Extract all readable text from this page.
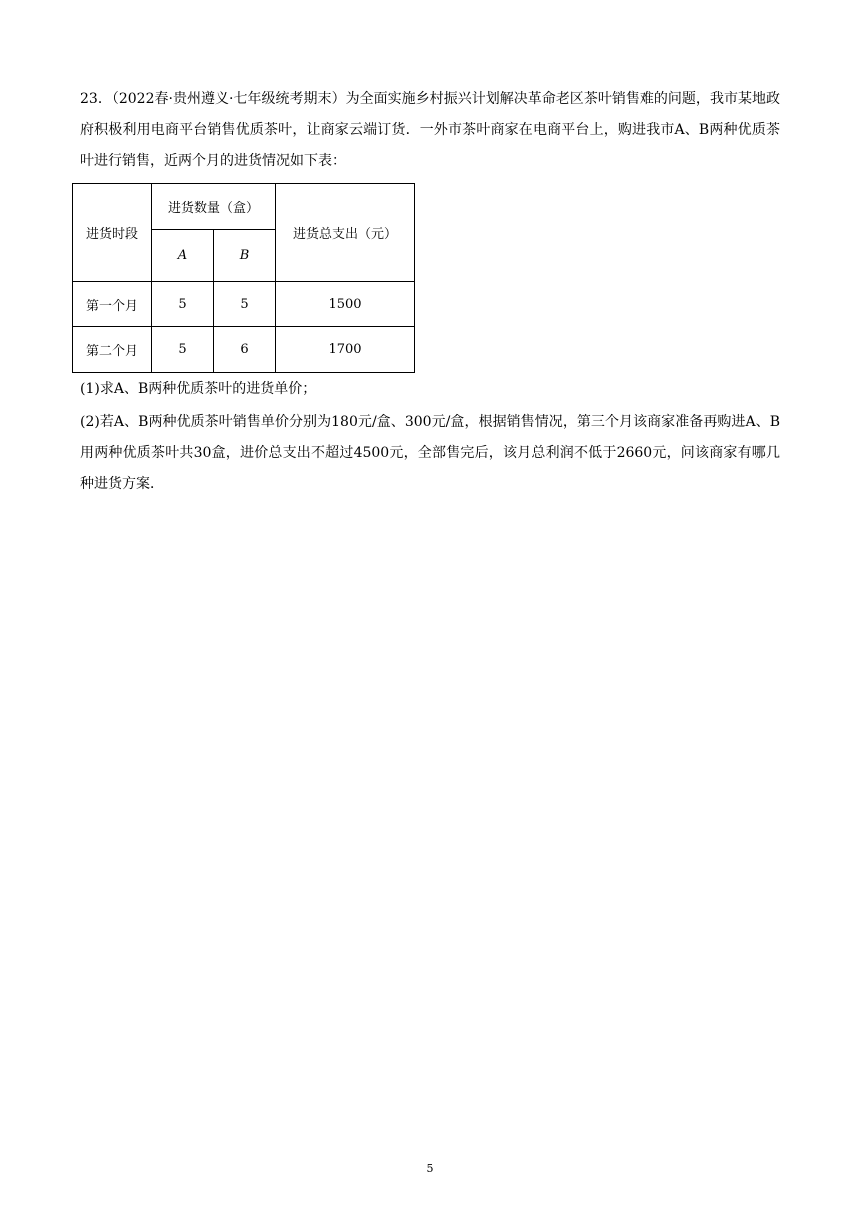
23．（2022春·贵州遵义·七年级统考期末）为全面实施乡村振兴计划解决革命老区茶叶销售难的问题，我市某地政府积极利用电商平台销售优质茶叶，让商家云端订货．一外市茶叶商家在电商平台上，购进我市A、B两种优质茶叶进行销售，近两个月的进货情况如下表：
进货时段	进货数量（盒）		进货总支出（元）
	A	B	
第一个月	5	5	1500
第二个月	5	6	1700
(1)求A、B两种优质茶叶的进货单价；
(2)若A、B两种优质茶叶销售单价分别为180元/盒、300元/盒，根据销售情况，第三个月该商家准备再购进A、B用两种优质茶叶共30盒，进价总支出不超过4500元，全部售完后，该月总利润不低于2660元，问该商家有哪几种进货方案．
5
